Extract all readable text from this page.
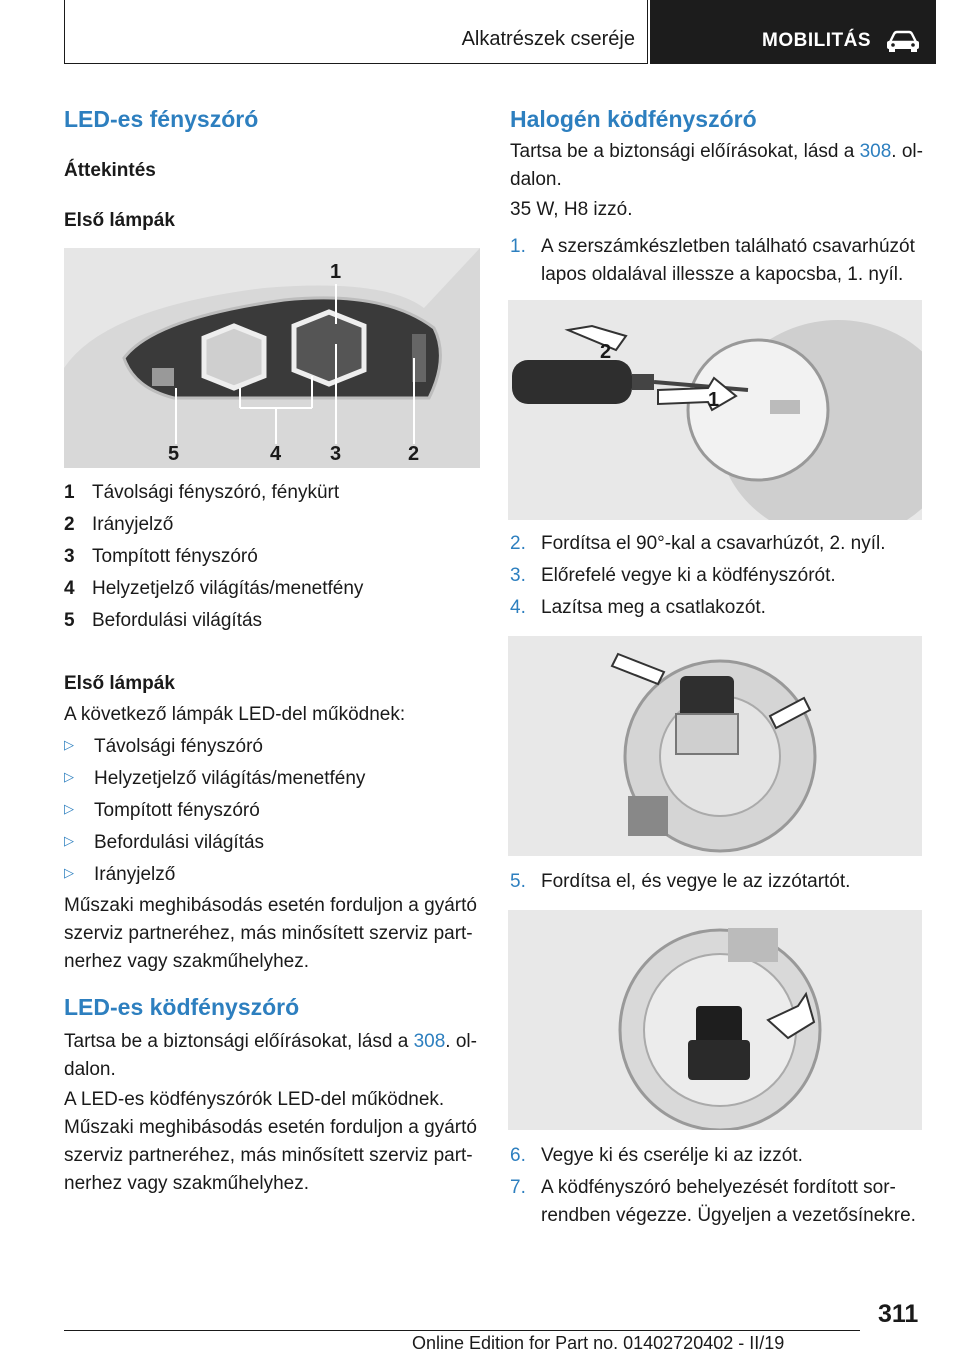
Alkatrészek cseréje	MOBILITÁS
LED-es fényszóró
Áttekintés
Első lámpák
1
5	4 3	2
1 Távolsági fényszóró, fénykürt
2 Irányjelző
3 Tompított fényszóró
4 Helyzetjelző világítás/menetfény
5 Befordulási világítás
Első lámpák
A következő lámpák LED-del működnek:
▷ Távolsági fényszóró
▷ Helyzetjelző világítás/menetfény
▷ Tompított fényszóró
▷ Befordulási világítás
▷ Irányjelző
Műszaki meghibásodás esetén forduljon a gyártó
szerviz partneréhez, más minősített szerviz part-
nerhez vagy szakműhelyhez.
LED-es ködfényszóró
Tartsa be a biztonsági előírásokat, lásd a 308. ol-
dalon.
A LED-es ködfényszórók LED-del működnek.
Műszaki meghibásodás esetén forduljon a gyártó
szerviz partneréhez, más minősített szerviz part-
nerhez vagy szakműhelyhez.
Halogén ködfényszóró
Tartsa be a biztonsági előírásokat, lásd a 308. ol-
dalon.
35 W, H8 izzó.
1. A szerszámkészletben található csavarhúzót
lapos oldalával illessze a kapocsba, 1. nyíl.
2
1
2. Fordítsa el 90°-kal a csavarhúzót, 2. nyíl.
3. Előrefelé vegye ki a ködfényszórót.
4. Lazítsa meg a csatlakozót.
5. Fordítsa el, és vegye le az izzótartót.
6. Vegye ki és cserélje ki az izzót.
7. A ködfényszóró behelyezését fordított sor-
rendben végezze. Ügyeljen a vezetősínekre.
311
Online Edition for Part no. 01402720402 - II/19
